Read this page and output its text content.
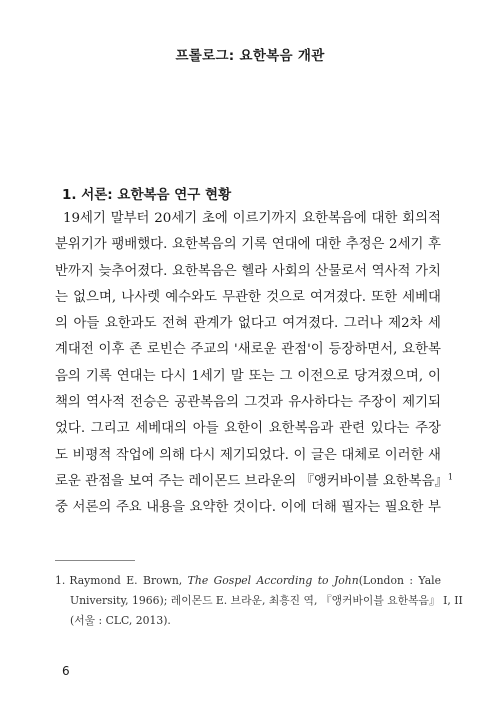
프롤로그: 요한복음 개관
1. 서론: 요한복음 연구 현황
19세기 말부터 20세기 초에 이르기까지 요한복음에 대한 회의적
분위기가 팽배했다. 요한복음의 기록 연대에 대한 추정은 2세기 후
반까지 늦추어졌다. 요한복음은 헬라 사회의 산물로서 역사적 가치
는 없으며, 나사렛 예수와도 무관한 것으로 여겨졌다. 또한 세베대
의 아들 요한과도 전혀 관계가 없다고 여겨졌다. 그러나 제2차 세
계대전 이후 존 로빈슨 주교의 '새로운 관점'이 등장하면서, 요한복
음의 기록 연대는 다시 1세기 말 또는 그 이전으로 당겨졌으며, 이
책의 역사적 전승은 공관복음의 그것과 유사하다는 주장이 제기되
었다. 그리고 세베대의 아들 요한이 요한복음과 관련 있다는 주장
도 비평적 작업에 의해 다시 제기되었다. 이 글은 대체로 이러한 새
로운 관점을 보여 주는 레이몬드 브라운의 『앵커바이블 요한복음』$^1$
중 서론의 주요 내용을 요약한 것이다. 이에 더해 필자는 필요한 부
1. Raymond E. Brown, The Gospel According to John(London : Yale
University, 1966); 레이몬드 E. 브라운, 최흥진 역, 『앵커바이블 요한복음』 I, II
(서울 : CLC, 2013).
6
